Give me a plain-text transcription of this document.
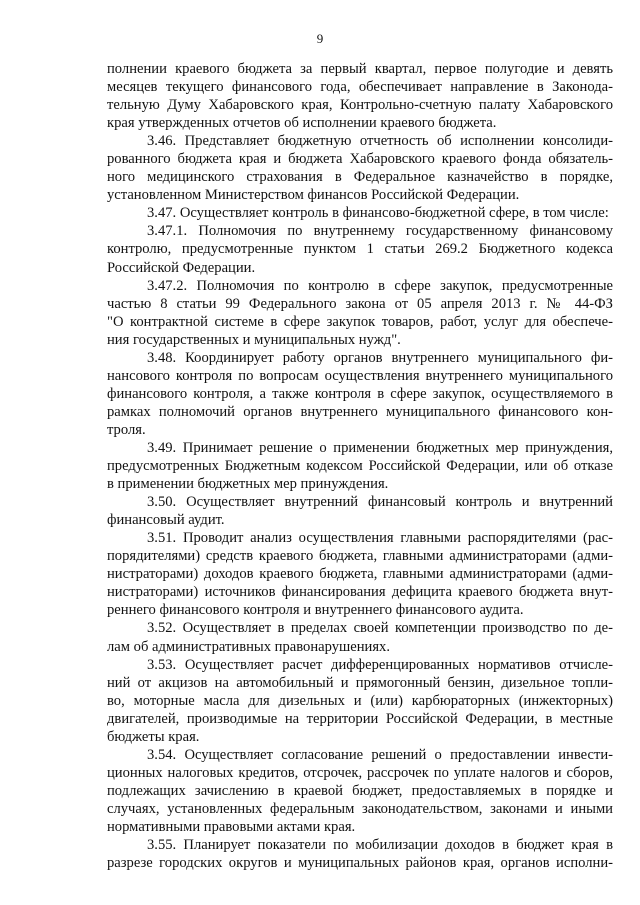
9
полнении краевого бюджета за первый квартал, первое полугодие и девять
месяцев текущего финансового года, обеспечивает направление в Законода-
тельную Думу Хабаровского края, Контрольно-счетную палату Хабаровского
края утвержденных отчетов об исполнении краевого бюджета.
3.46. Представляет бюджетную отчетность об исполнении консолиди-
рованного бюджета края и бюджета Хабаровского краевого фонда обязатель-
ного медицинского страхования в Федеральное казначейство в порядке,
установленном Министерством финансов Российской Федерации.
3.47. Осуществляет контроль в финансово-бюджетной сфере, в том числе:
3.47.1. Полномочия по внутреннему государственному финансовому
контролю, предусмотренные пунктом 1 статьи 269.2 Бюджетного кодекса
Российской Федерации.
3.47.2. Полномочия по контролю в сфере закупок, предусмотренные
частью 8 статьи 99 Федерального закона от 05 апреля 2013 г. № 44-ФЗ
"О контрактной системе в сфере закупок товаров, работ, услуг для обеспече-
ния государственных и муниципальных нужд".
3.48. Координирует работу органов внутреннего муниципального фи-
нансового контроля по вопросам осуществления внутреннего муниципального
финансового контроля, а также контроля в сфере закупок, осуществляемого в
рамках полномочий органов внутреннего муниципального финансового кон-
троля.
3.49. Принимает решение о применении бюджетных мер принуждения,
предусмотренных Бюджетным кодексом Российской Федерации, или об отказе
в применении бюджетных мер принуждения.
3.50. Осуществляет внутренний финансовый контроль и внутренний
финансовый аудит.
3.51. Проводит анализ осуществления главными распорядителями (рас-
порядителями) средств краевого бюджета, главными администраторами (адми-
нистраторами) доходов краевого бюджета, главными администраторами (адми-
нистраторами) источников финансирования дефицита краевого бюджета внут-
реннего финансового контроля и внутреннего финансового аудита.
3.52. Осуществляет в пределах своей компетенции производство по де-
лам об административных правонарушениях.
3.53. Осуществляет расчет дифференцированных нормативов отчисле-
ний от акцизов на автомобильный и прямогонный бензин, дизельное топли-
во, моторные масла для дизельных и (или) карбюраторных (инжекторных)
двигателей, производимые на территории Российской Федерации, в местные
бюджеты края.
3.54. Осуществляет согласование решений о предоставлении инвести-
ционных налоговых кредитов, отсрочек, рассрочек по уплате налогов и сборов,
подлежащих зачислению в краевой бюджет, предоставляемых в порядке и
случаях, установленных федеральным законодательством, законами и иными
нормативными правовыми актами края.
3.55. Планирует показатели по мобилизации доходов в бюджет края в
разрезе городских округов и муниципальных районов края, органов исполни-
